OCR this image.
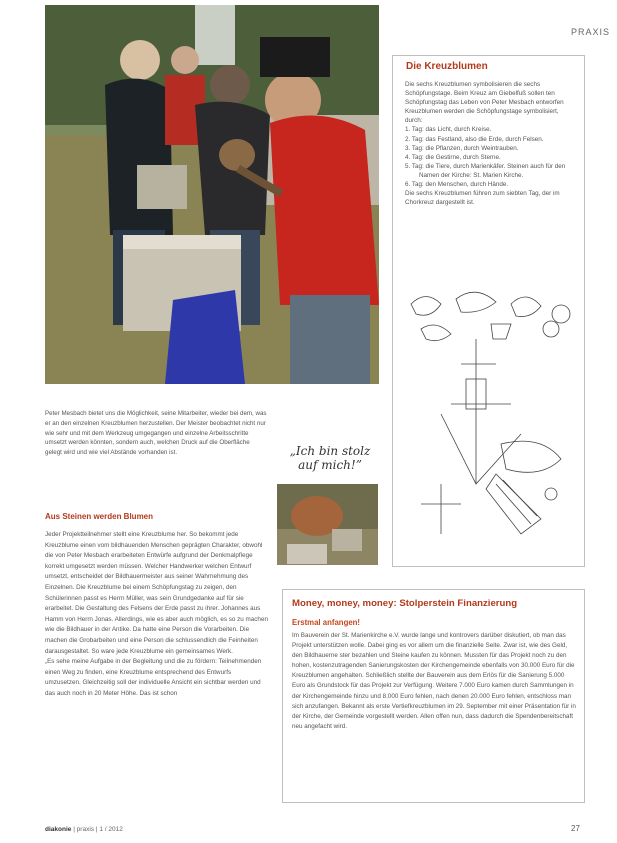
PRAXIS
Die Kreuzblumen
Die sechs Kreuzblumen symbolisieren die sechs Schöpfungstage. Beim Kreuz am Giebelfuß sollen ten Schöpfungstag das Leben von Peter Mesbach entworfen Kreuzblumen werden die Schöpfungstage symbolisiert, durch:
1. Tag: das Licht, durch Kreise.
2. Tag: das Festland, also die Erde, durch Felsen.
3. Tag: die Pflanzen, durch Weintrauben.
4. Tag: die Gestirne, durch Sterne.
5. Tag: die Tiere, durch Marienkäfer. Steinen auch für den Namen der Kirche: St. Marien Kirche.
6. Tag: den Menschen, durch Hände.
Die sechs Kreuzblumen führen zum siebten Tag, der im Chorkreuz dargestellt ist.

Peter Mesbach bietet uns die Möglichkeit, seine Mitarbeiter, wieder bei dem, was er an den einzelnen Kreuzblumen herzustellen. Der Meister beobachtet nicht nur wie sehr und mit dem Werkzeug umgegangen und einzelne Arbeitsschritte umsetzt werden könnten, sondern auch, welchen Druck auf die Oberfläche gelegt wird und wie viel Abstände vorhanden ist.	„Ich bin stolz auf mich!”
Aus Steinen werden Blumen

Jeder Projektteilnehmer stellt eine Kreuzblume her. So bekommt jede Kreuzblume einen vom bildhauenden Menschen geprägten Charakter, obwohl die von Peter Mesbach erarbeiteten Entwürfe aufgrund der Denkmalpflege korrekt umgesetzt werden müssen. Welcher Handwerker welchen Entwurf umsetzt, entscheidet der Bildhauermeister aus seiner Wahrnehmung des Einzelnen. Die Kreuzblume bei einem Schöpfungstag zu zeigen, den Schülerinnen passt es Herrn Müller, was sein Grundgedanke auf für sie erarbeitet. Die Gestaltung des Felsens der Erde passt zu ihrer. Johannes aus Hamm von Herrn Jonas. Allerdings, wie es aber auch möglich, es so zu machen wie die Bildhauer in der Antike. Da hatte eine Person die Vorarbeiten. Die machen die Grobarbeiten und eine Person die schlussendlich die Feinheiten darausgestaltet. So ware jede Kreuzblume ein gemeinsames Werk.

„Es sehe meine Aufgabe in der Begleitung und die zu fördern: Teilnehmenden einen Weg zu finden, eine Kreuzblume entsprechend des Entwurfs umzusetzen. Gleichzeitig soll der individuelle Ansicht ein sichtbar werden und das auch noch in 20 Meter Höhe. Das ist schon

Money, money, money: Stolperstein Finanzierung
Erstmal anfangen!
Im Bauverein der St. Marienkirche e.V. wurde lange und kontrovers darüber diskutiert, ob man das Projekt unterstützen wolle. Dabei ging es vor allem um die finanzielle Seite. Zwar ist, wie des Geld, den Bildhauerne ster bezahlen und Steine kaufen zu können. Mussten für das Projekt noch zu den hohen, kostenzutragenden Sanierungskosten der Kirchengemeinde ebenfalls von 30.000 Euro für die Kreuzblumen angehalten. Schließlich stellte der Bauverein aus dem Erlös für die Sanierung 5.000 Euro als Grundstock für das Projekt zur Verfügung. Weitere 7.000 Euro kamen durch Sammlungen in der Kirchengemeinde hinzu und 8.000 Euro fehlen, nach denen 20.000 Euro fehlen, entschloss man sich anzufangen. Bekannt als erste Vertiefkreuzblumen im 29. September mit einer Präsentation für in der Kirche, der Gemeinde vorgestellt werden. Allen offen nun, dass dadurch die Spendenbereitschaft neu angefacht wird.
diakonie | praxis | 1 / 2012	27
